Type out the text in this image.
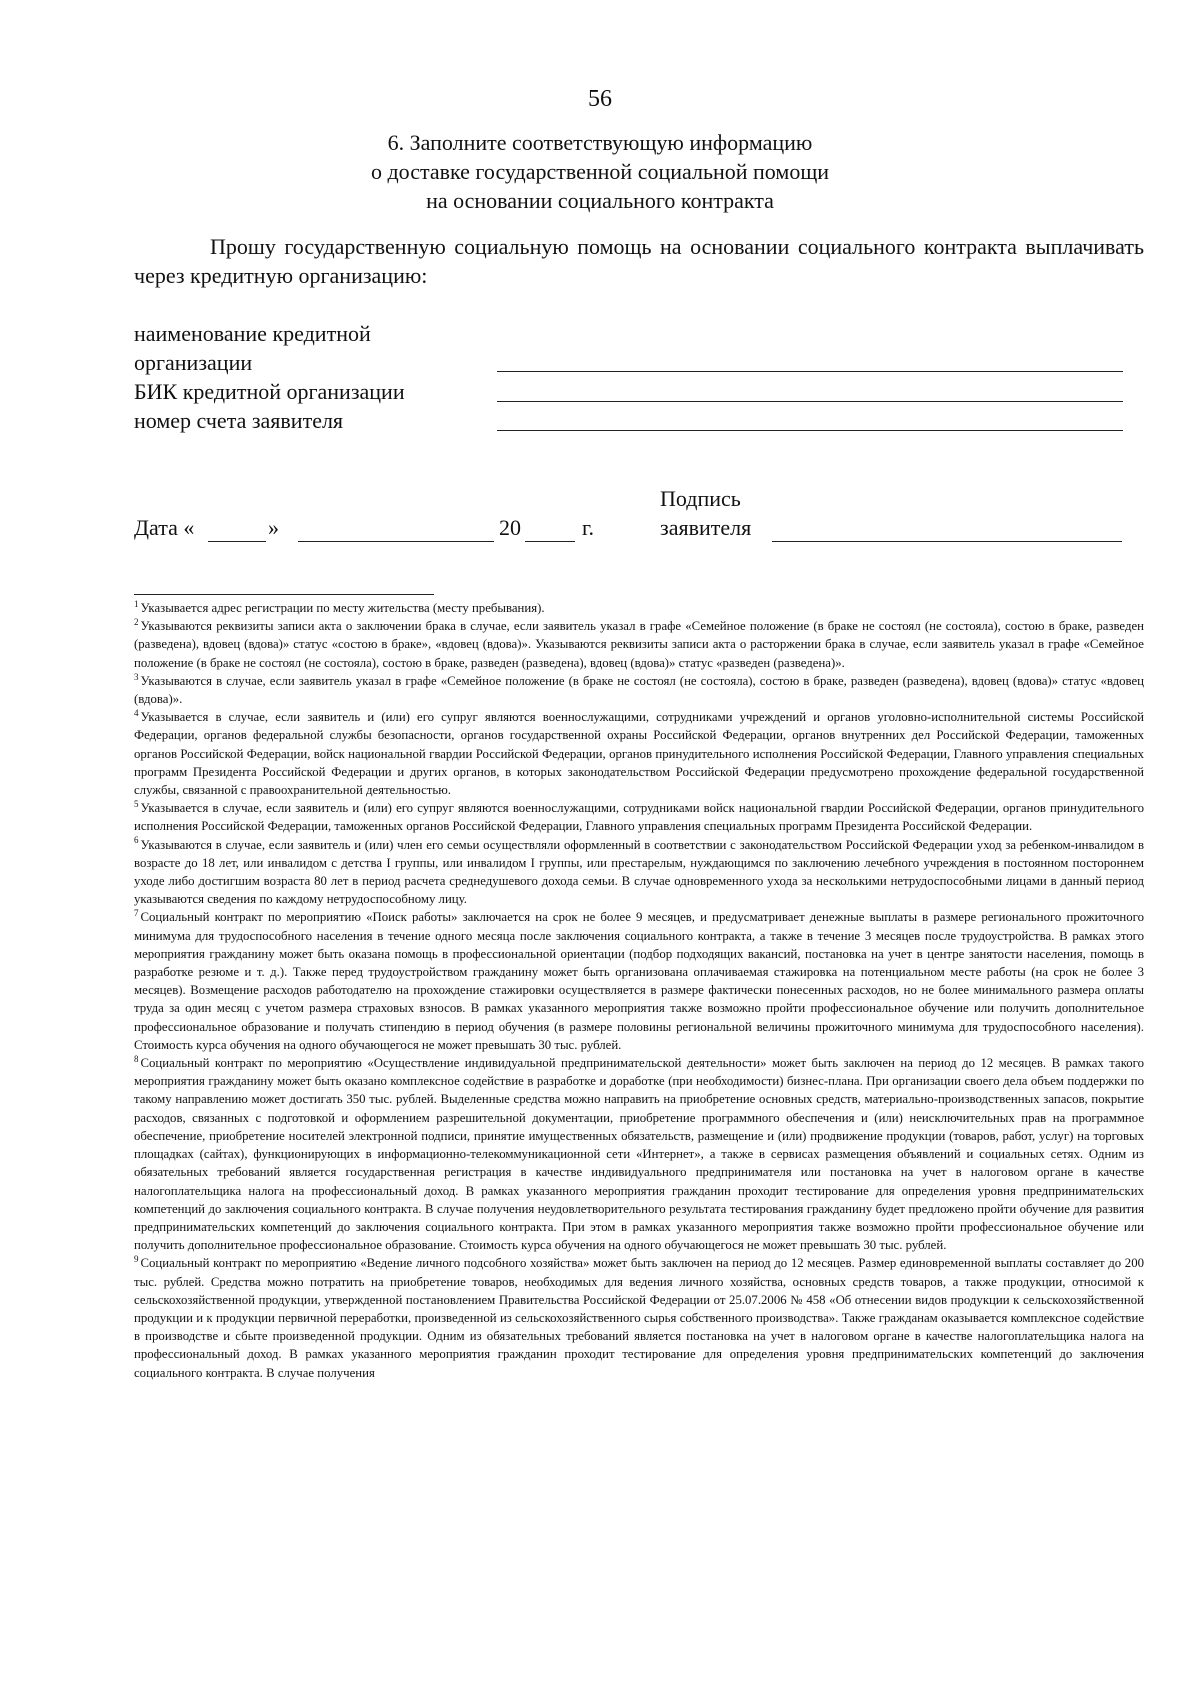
56
6. Заполните соответствующую информацию
о доставке государственной социальной помощи
на основании социального контракта
Прошу государственную социальную помощь на основании социального контракта выплачивать через кредитную организацию:
наименование кредитной
организации
БИК кредитной организации
номер счета заявителя
Дата «	»	20	г.
Подпись
заявителя

$^1$ Указывается адрес регистрации по месту жительства (месту пребывания).

$^2$ Указываются реквизиты записи акта о заключении брака в случае, если заявитель указал в графе «Семейное положение (в браке не состоял (не состояла), состою в браке, разведен (разведена), вдовец (вдова)» статус «состою в браке», «вдовец (вдова)». Указываются реквизиты записи акта о расторжении брака в случае, если заявитель указал в графе «Семейное положение (в браке не состоял (не состояла), состою в браке, разведен (разведена), вдовец (вдова)» статус «разведен (разведена)».

$^3$ Указываются в случае, если заявитель указал в графе «Семейное положение (в браке не состоял (не состояла), состою в браке, разведен (разведена), вдовец (вдова)» статус «вдовец (вдова)».

$^4$ Указывается в случае, если заявитель и (или) его супруг являются военнослужащими, сотрудниками учреждений и органов уголовно-исполнительной системы Российской Федерации, органов федеральной службы безопасности, органов государственной охраны Российской Федерации, органов внутренних дел Российской Федерации, таможенных органов Российской Федерации, войск национальной гвардии Российской Федерации, органов принудительного исполнения Российской Федерации, Главного управления специальных программ Президента Российской Федерации и других органов, в которых законодательством Российской Федерации предусмотрено прохождение федеральной государственной службы, связанной с правоохранительной деятельностью.

$^5$ Указывается в случае, если заявитель и (или) его супруг являются военнослужащими, сотрудниками войск национальной гвардии Российской Федерации, органов принудительного исполнения Российской Федерации, таможенных органов Российской Федерации, Главного управления специальных программ Президента Российской Федерации.

$^6$ Указываются в случае, если заявитель и (или) член его семьи осуществляли оформленный в соответствии с законодательством Российской Федерации уход за ребенком-инвалидом в возрасте до 18 лет, или инвалидом с детства I группы, или инвалидом I группы, или престарелым, нуждающимся по заключению лечебного учреждения в постоянном постороннем уходе либо достигшим возраста 80 лет в период расчета среднедушевого дохода семьи. В случае одновременного ухода за несколькими нетрудоспособными лицами в данный период указываются сведения по каждому нетрудоспособному лицу.

$^7$ Социальный контракт по мероприятию «Поиск работы» заключается на срок не более 9 месяцев, и предусматривает денежные выплаты в размере регионального прожиточного минимума для трудоспособного населения в течение одного месяца после заключения социального контракта, а также в течение 3 месяцев после трудоустройства. В рамках этого мероприятия гражданину может быть оказана помощь в профессиональной ориентации (подбор подходящих вакансий, постановка на учет в центре занятости населения, помощь в разработке резюме и т. д.). Также перед трудоустройством гражданину может быть организована оплачиваемая стажировка на потенциальном месте работы (на срок не более 3 месяцев). Возмещение расходов работодателю на прохождение стажировки осуществляется в размере фактически понесенных расходов, но не более минимального размера оплаты труда за один месяц с учетом размера страховых взносов. В рамках указанного мероприятия также возможно пройти профессиональное обучение или получить дополнительное профессиональное образование и получать стипендию в период обучения (в размере половины региональной величины прожиточного минимума для трудоспособного населения). Стоимость курса обучения на одного обучающегося не может превышать 30 тыс. рублей.

$^8$ Социальный контракт по мероприятию «Осуществление индивидуальной предпринимательской деятельности» может быть заключен на период до 12 месяцев. В рамках такого мероприятия гражданину может быть оказано комплексное содействие в разработке и доработке (при необходимости) бизнес-плана. При организации своего дела объем поддержки по такому направлению может достигать 350 тыс. рублей. Выделенные средства можно направить на приобретение основных средств, материально-производственных запасов, покрытие расходов, связанных с подготовкой и оформлением разрешительной документации, приобретение программного обеспечения и (или) неисключительных прав на программное обеспечение, приобретение носителей электронной подписи, принятие имущественных обязательств, размещение и (или) продвижение продукции (товаров, работ, услуг) на торговых площадках (сайтах), функционирующих в информационно-телекоммуникационной сети «Интернет», а также в сервисах размещения объявлений и социальных сетях. Одним из обязательных требований является государственная регистрация в качестве индивидуального предпринимателя или постановка на учет в налоговом органе в качестве налогоплательщика налога на профессиональный доход. В рамках указанного мероприятия гражданин проходит тестирование для определения уровня предпринимательских компетенций до заключения социального контракта. В случае получения неудовлетворительного результата тестирования гражданину будет предложено пройти обучение для развития предпринимательских компетенций до заключения социального контракта. При этом в рамках указанного мероприятия также возможно пройти профессиональное обучение или получить дополнительное профессиональное образование. Стоимость курса обучения на одного обучающегося не может превышать 30 тыс. рублей.

$^9$ Социальный контракт по мероприятию «Ведение личного подсобного хозяйства» может быть заключен на период до 12 месяцев. Размер единовременной выплаты составляет до 200 тыс. рублей. Средства можно потратить на приобретение товаров, необходимых для ведения личного хозяйства, основных средств товаров, а также продукции, относимой к сельскохозяйственной продукции, утвержденной постановлением Правительства Российской Федерации от 25.07.2006 № 458 «Об отнесении видов продукции к сельскохозяйственной продукции и к продукции первичной переработки, произведенной из сельскохозяйственного сырья собственного производства». Также гражданам оказывается комплексное содействие в производстве и сбыте произведенной продукции. Одним из обязательных требований является постановка на учет в налоговом органе в качестве налогоплательщика налога на профессиональный доход. В рамках указанного мероприятия гражданин проходит тестирование для определения уровня предпринимательских компетенций до заключения социального контракта. В случае получения
